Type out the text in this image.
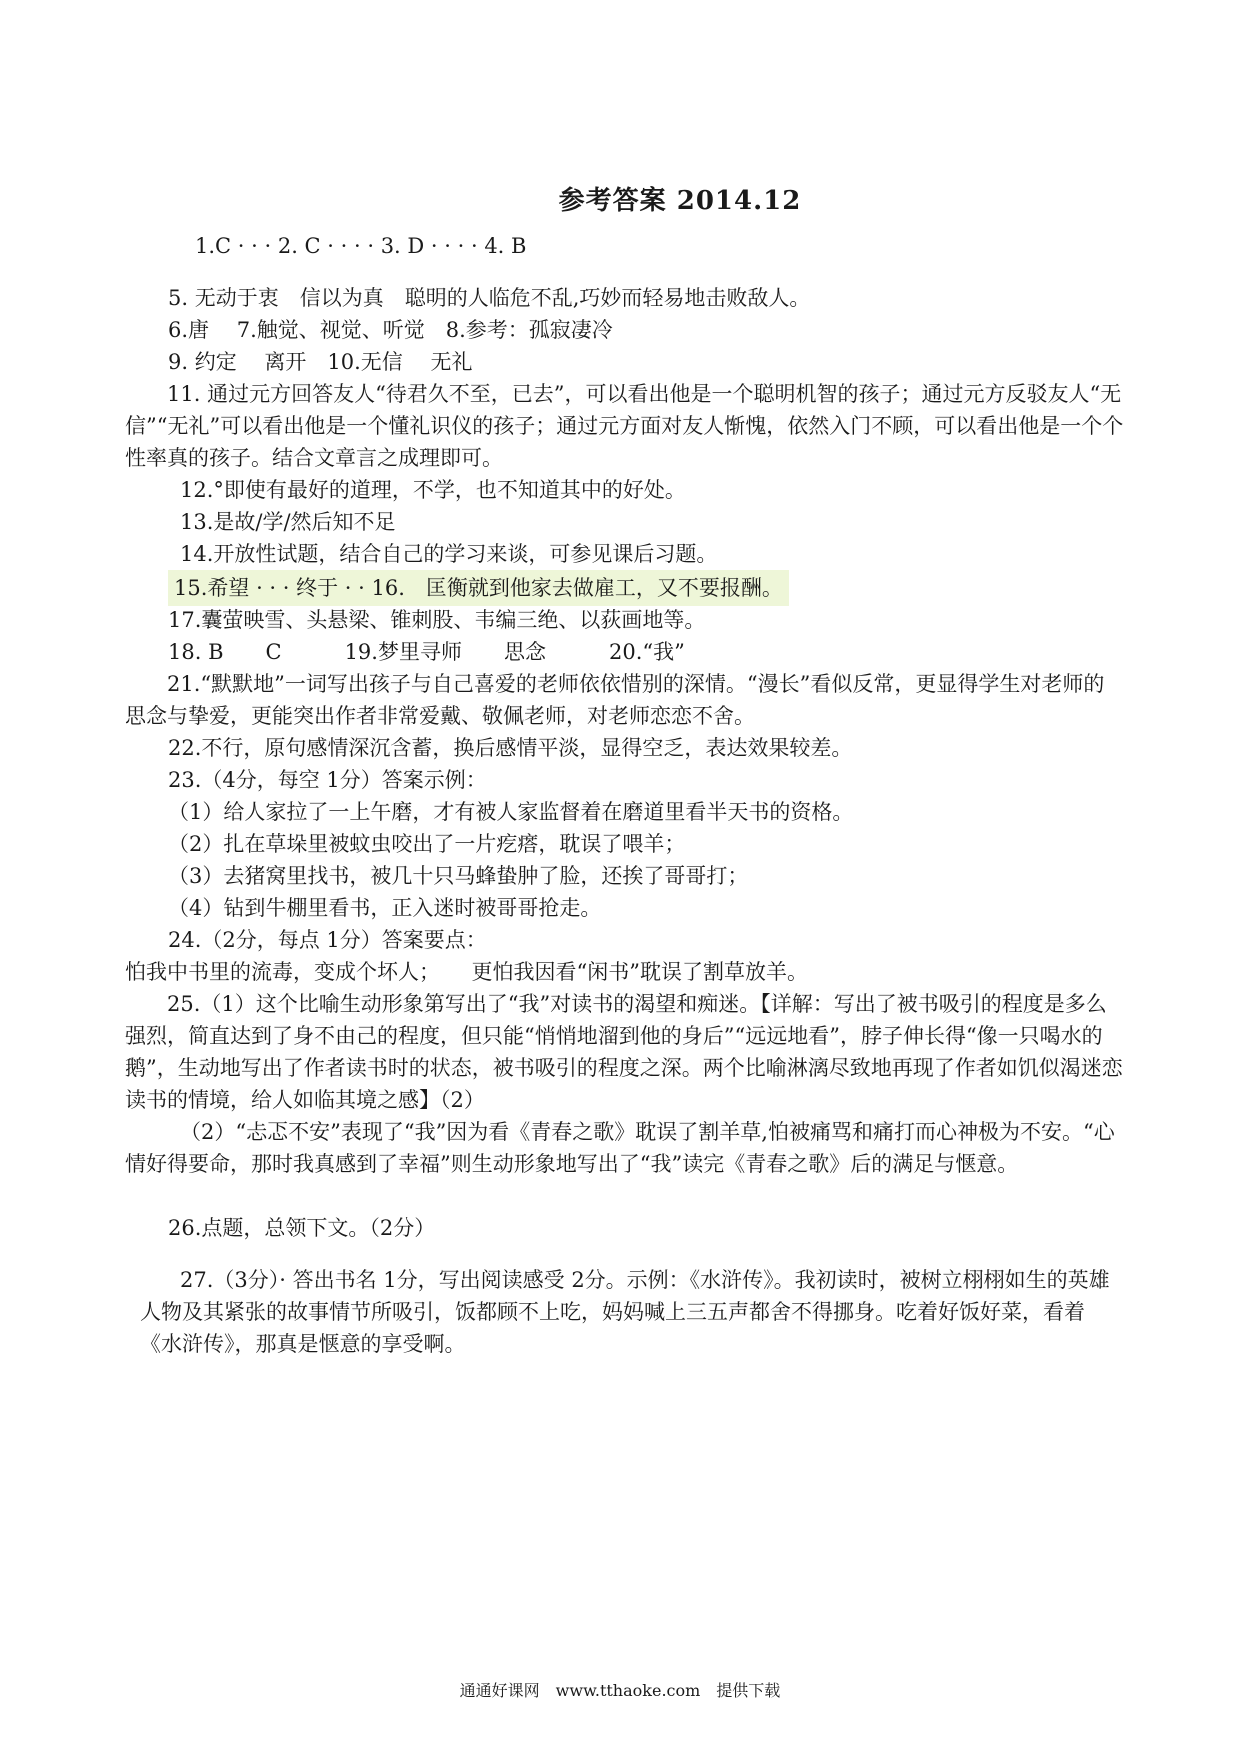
参考答案 2014.12
1.C · · · 2. C · · · · 3. D · · · · 4. B
5. 无动于衷　信以为真　聪明的人临危不乱,巧妙而轻易地击败敌人。
6.唐　 7.触觉、视觉、听觉　8.参考：孤寂凄冷
9. 约定　 离开　10.无信　 无礼
11. 通过元方回答友人“待君久不至，已去”，可以看出他是一个聪明机智的孩子；通过元方反驳友人“无信”“无礼”可以看出他是一个懂礼识仪的孩子；通过元方面对友人惭愧，依然入门不顾，可以看出他是一个个性率真的孩子。结合文章言之成理即可。
12.°即使有最好的道理，不学，也不知道其中的好处。
13.是故/学/然后知不足
14.开放性试题，结合自己的学习来谈，可参见课后习题。
15.希望 · · · 终于 · · 16.　匡衡就到他家去做雇工，又不要报酬。
17.囊萤映雪、头悬梁、锥刺股、韦编三绝、以荻画地等。
18. B　　C　　　19.梦里寻师　　思念　　　20.“我”
21.“默默地”一词写出孩子与自己喜爱的老师依依惜别的深情。“漫长”看似反常，更显得学生对老师的思念与挚爱，更能突出作者非常爱戴、敬佩老师，对老师恋恋不舍。
22.不行，原句感情深沉含蓄，换后感情平淡，显得空乏，表达效果较差。
23.（4分，每空 1分）答案示例：
（1）给人家拉了一上午磨，才有被人家监督着在磨道里看半天书的资格。
（2）扎在草垛里被蚊虫咬出了一片疙瘩，耽误了喂羊；
（3）去猪窝里找书，被几十只马蜂蛰肿了脸，还挨了哥哥打；
（4）钻到牛棚里看书，正入迷时被哥哥抢走。
24.（2分，每点 1分）答案要点：
怕我中书里的流毒，变成个坏人；　　更怕我因看“闲书”耽误了割草放羊。
25.（1）这个比喻生动形象第写出了“我”对读书的渴望和痴迷。【详解：写出了被书吸引的程度是多么强烈，简直达到了身不由己的程度，但只能“悄悄地溜到他的身后”“远远地看”，脖子伸长得“像一只喝水的鹅”，生动地写出了作者读书时的状态，被书吸引的程度之深。两个比喻淋漓尽致地再现了作者如饥似渴迷恋读书的情境，给人如临其境之感】（2）
（2）“忐忑不安”表现了“我”因为看《青春之歌》耽误了割羊草,怕被痛骂和痛打而心神极为不安。“心情好得要命，那时我真感到了幸福”则生动形象地写出了“我”读完《青春之歌》后的满足与惬意。
26.点题，总领下文。（2分）
27.（3分）· 答出书名 1分，写出阅读感受 2分。示例：《水浒传》。我初读时，被树立栩栩如生的英雄人物及其紧张的故事情节所吸引，饭都顾不上吃，妈妈喊上三五声都舍不得挪身。吃着好饭好菜，看着《水浒传》，那真是惬意的享受啊。
通通好课网　www.tthaoke.com　提供下载
